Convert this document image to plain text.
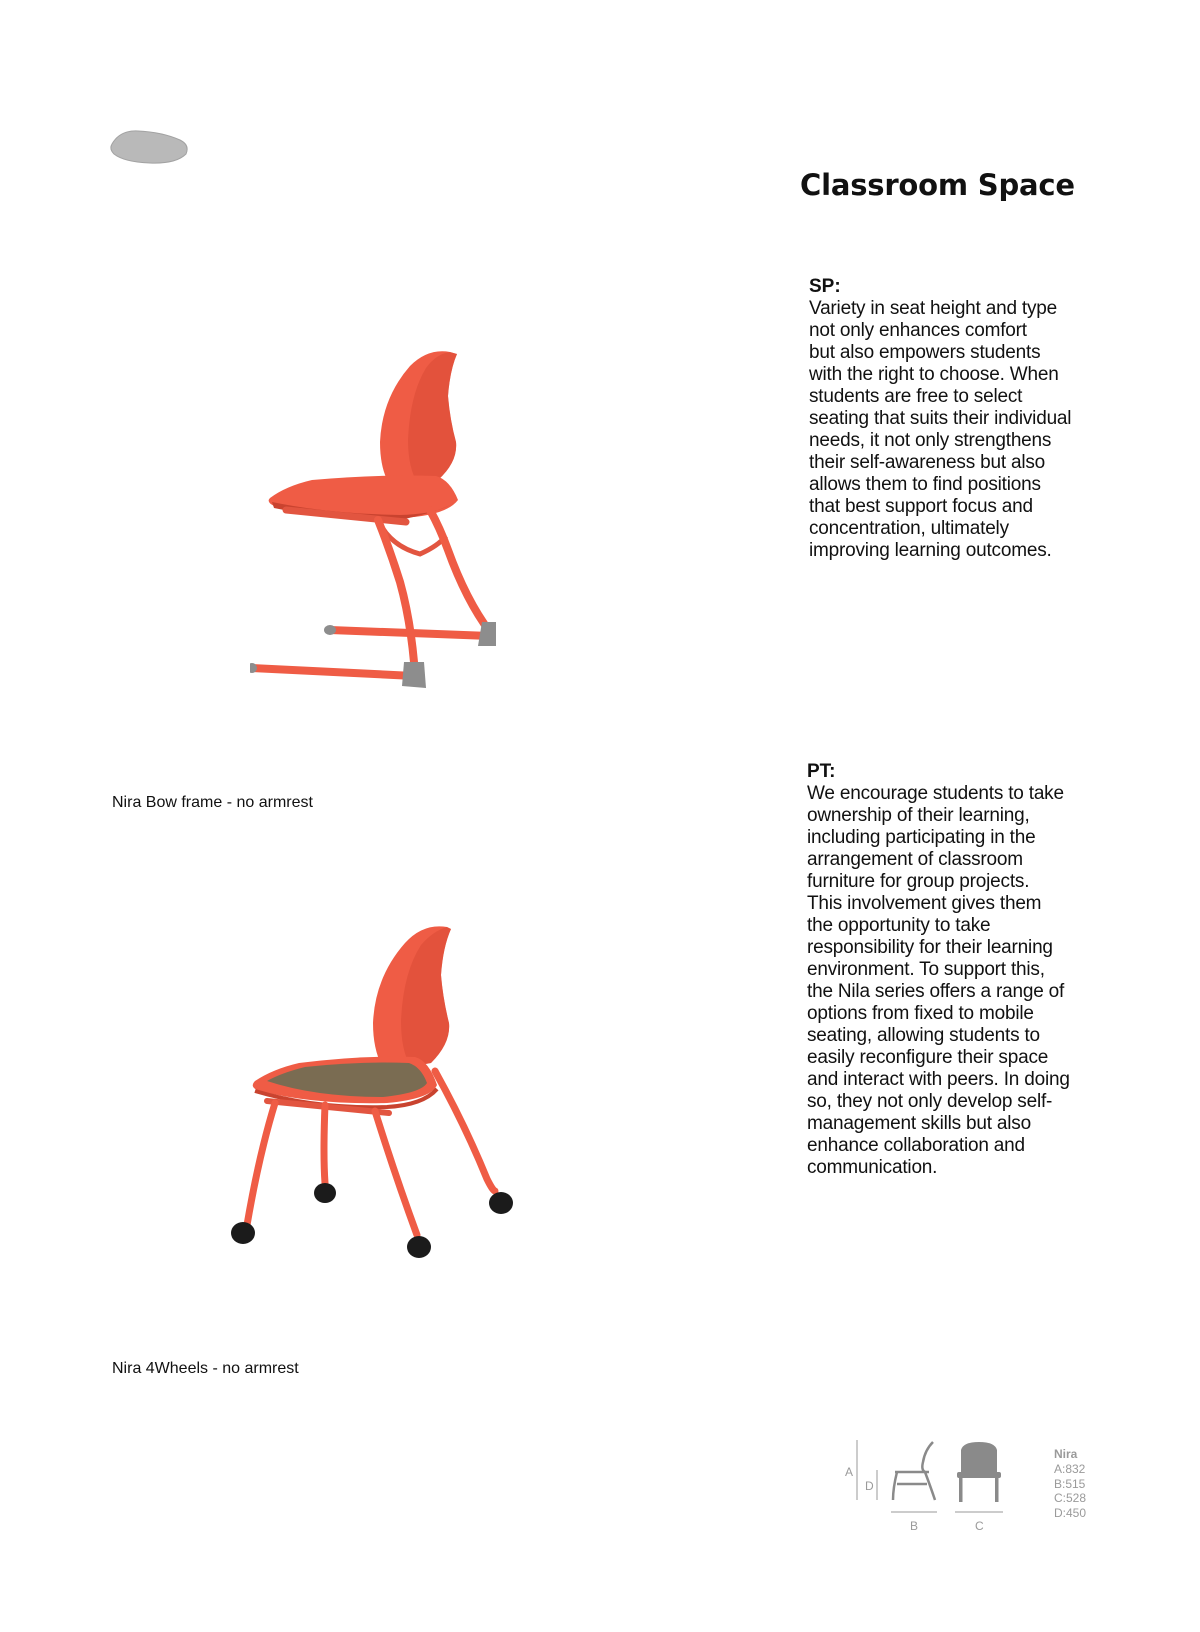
Classroom Space
SP:
Variety in seat height and type
not only enhances comfort
but also empowers students
with the right to choose. When
students are free to select
seating that suits their individual
needs, it not only strengthens
their self-awareness but also
allows them to find positions
that best support focus and
concentration, ultimately
improving learning outcomes.
PT:
We encourage students to take
ownership of their learning,
including participating in the
arrangement of classroom
furniture for group projects.
This involvement gives them
the opportunity to take
responsibility for their learning
environment. To support this,
the Nila series offers a range of
options from fixed to mobile
seating, allowing students to
easily reconfigure their space
and interact with peers. In doing
so, they not only develop self-
management skills but also
enhance collaboration and
communication.
Nira Bow frame - no armrest
Nira 4Wheels - no armrest
A
D
B	C
Nira
A:832
B:515
C:528
D:450
